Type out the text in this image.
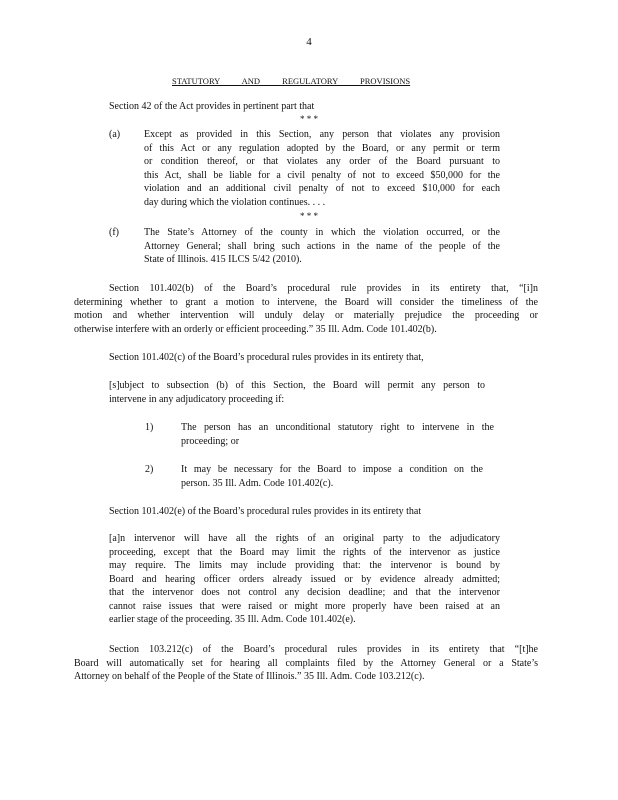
4
STATUTORY AND REGULATORY PROVISIONS
Section 42 of the Act provides in pertinent part that
* * *
(a) Except as provided in this Section, any person that violates any provision
of this Act or any regulation adopted by the Board, or any permit or term
or condition thereof, or that violates any order of the Board pursuant to
this Act, shall be liable for a civil penalty of not to exceed $50,000 for the
violation and an additional civil penalty of not to exceed $10,000 for each
day during which the violation continues. . . .
* * *
(f)	The State’s Attorney of the county in which the violation occurred, or the
Attorney General; shall bring such actions in the name of the people of the
State of Illinois. 415 ILCS 5/42 (2010).
Section 101.402(b) of the Board’s procedural rule provides in its entirety that, “[i]n
determining whether to grant a motion to intervene, the Board will consider the timeliness of the
motion and whether intervention will unduly delay or materially prejudice the proceeding or
otherwise interfere with an orderly or efficient proceeding.” 35 Ill. Adm. Code 101.402(b).
Section 101.402(c) of the Board’s procedural rules provides in its entirety that,
[s]ubject to subsection (b) of this Section, the Board will permit any person to
intervene in any adjudicatory proceeding if:
1)	The person has an unconditional statutory right to intervene in the
proceeding; or
2)	It may be necessary for the Board to impose a condition on the
person. 35 Ill. Adm. Code 101.402(c).
Section 101.402(e) of the Board’s procedural rules provides in its entirety that
[a]n intervenor will have all the rights of an original party to the adjudicatory
proceeding, except that the Board may limit the rights of the intervenor as justice
may require. The limits may include providing that: the intervenor is bound by
Board and hearing officer orders already issued or by evidence already admitted;
that the intervenor does not control any decision deadline; and that the intervenor
cannot raise issues that were raised or might more properly have been raised at an
earlier stage of the proceeding. 35 Ill. Adm. Code 101.402(e).
Section 103.212(c) of the Board’s procedural rules provides in its entirety that “[t]he
Board will automatically set for hearing all complaints filed by the Attorney General or a State’s
Attorney on behalf of the People of the State of Illinois.” 35 Ill. Adm. Code 103.212(c).
